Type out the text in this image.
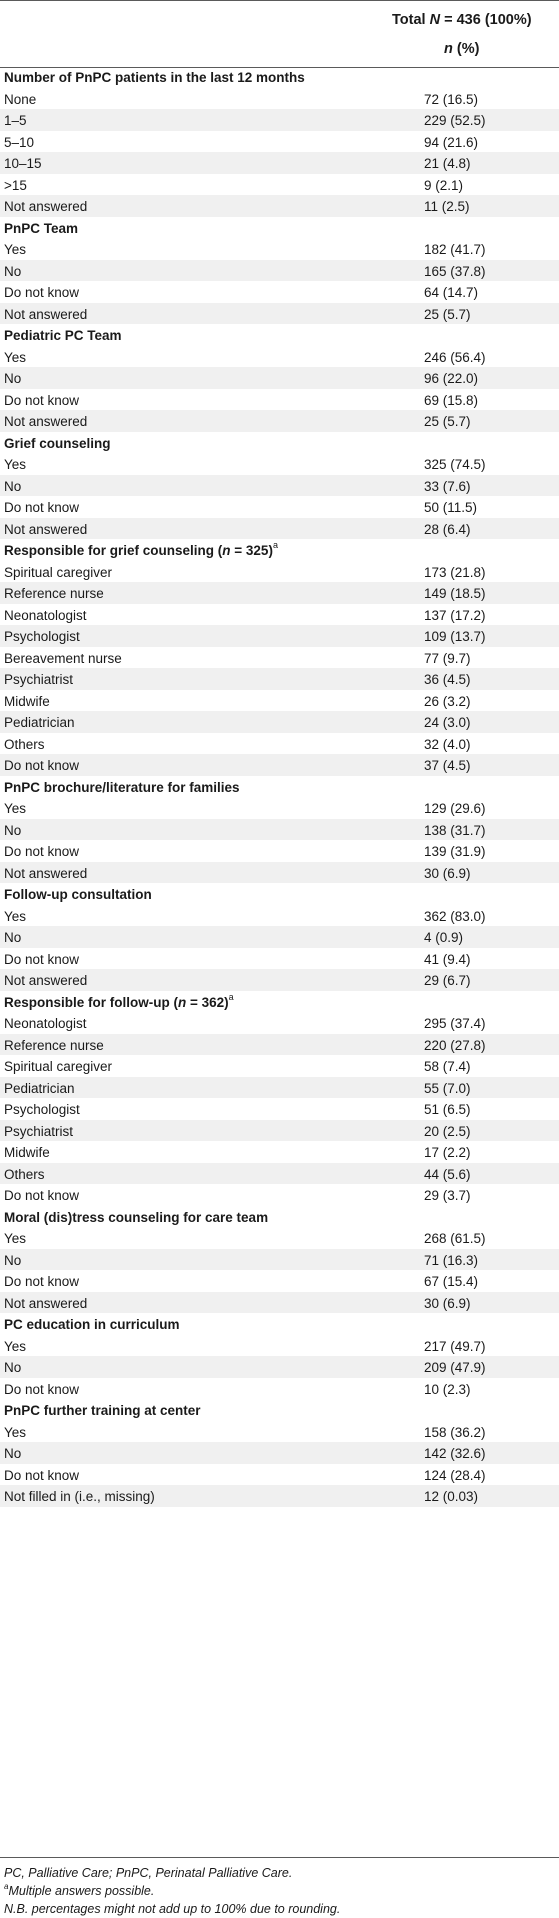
Total N = 436 (100%)
n (%)
Number of PnPC patients in the last 12 months
None	72 (16.5)
1–5	229 (52.5)
5–10	94 (21.6)
10–15	21 (4.8)
>15	9 (2.1)
Not answered	11 (2.5)
PnPC Team
Yes	182 (41.7)
No	165 (37.8)
Do not know	64 (14.7)
Not answered	25 (5.7)
Pediatric PC Team
Yes	246 (56.4)
No	96 (22.0)
Do not know	69 (15.8)
Not answered	25 (5.7)
Grief counseling
Yes	325 (74.5)
No	33 (7.6)
Do not know	50 (11.5)
Not answered	28 (6.4)
Responsible for grief counseling (n = 325)$^a$
Spiritual caregiver	173 (21.8)
Reference nurse	149 (18.5)
Neonatologist	137 (17.2)
Psychologist	109 (13.7)
Bereavement nurse	77 (9.7)
Psychiatrist	36 (4.5)
Midwife	26 (3.2)
Pediatrician	24 (3.0)
Others	32 (4.0)
Do not know	37 (4.5)
PnPC brochure/literature for families
Yes	129 (29.6)
No	138 (31.7)
Do not know	139 (31.9)
Not answered	30 (6.9)
Follow-up consultation
Yes	362 (83.0)
No	4 (0.9)
Do not know	41 (9.4)
Not answered	29 (6.7)
Responsible for follow-up (n = 362)$^a$
Neonatologist	295 (37.4)
Reference nurse	220 (27.8)
Spiritual caregiver	58 (7.4)
Pediatrician	55 (7.0)
Psychologist	51 (6.5)
Psychiatrist	20 (2.5)
Midwife	17 (2.2)
Others	44 (5.6)
Do not know	29 (3.7)
Moral (dis)tress counseling for care team
Yes	268 (61.5)
No	71 (16.3)
Do not know	67 (15.4)
Not answered	30 (6.9)
PC education in curriculum
Yes	217 (49.7)
No	209 (47.9)
Do not know	10 (2.3)
PnPC further training at center
Yes	158 (36.2)
No	142 (32.6)
Do not know	124 (28.4)
Not filled in (i.e., missing)	12 (0.03)
PC, Palliative Care; PnPC, Perinatal Palliative Care.
$^a$Multiple answers possible.
N.B. percentages might not add up to 100% due to rounding.
